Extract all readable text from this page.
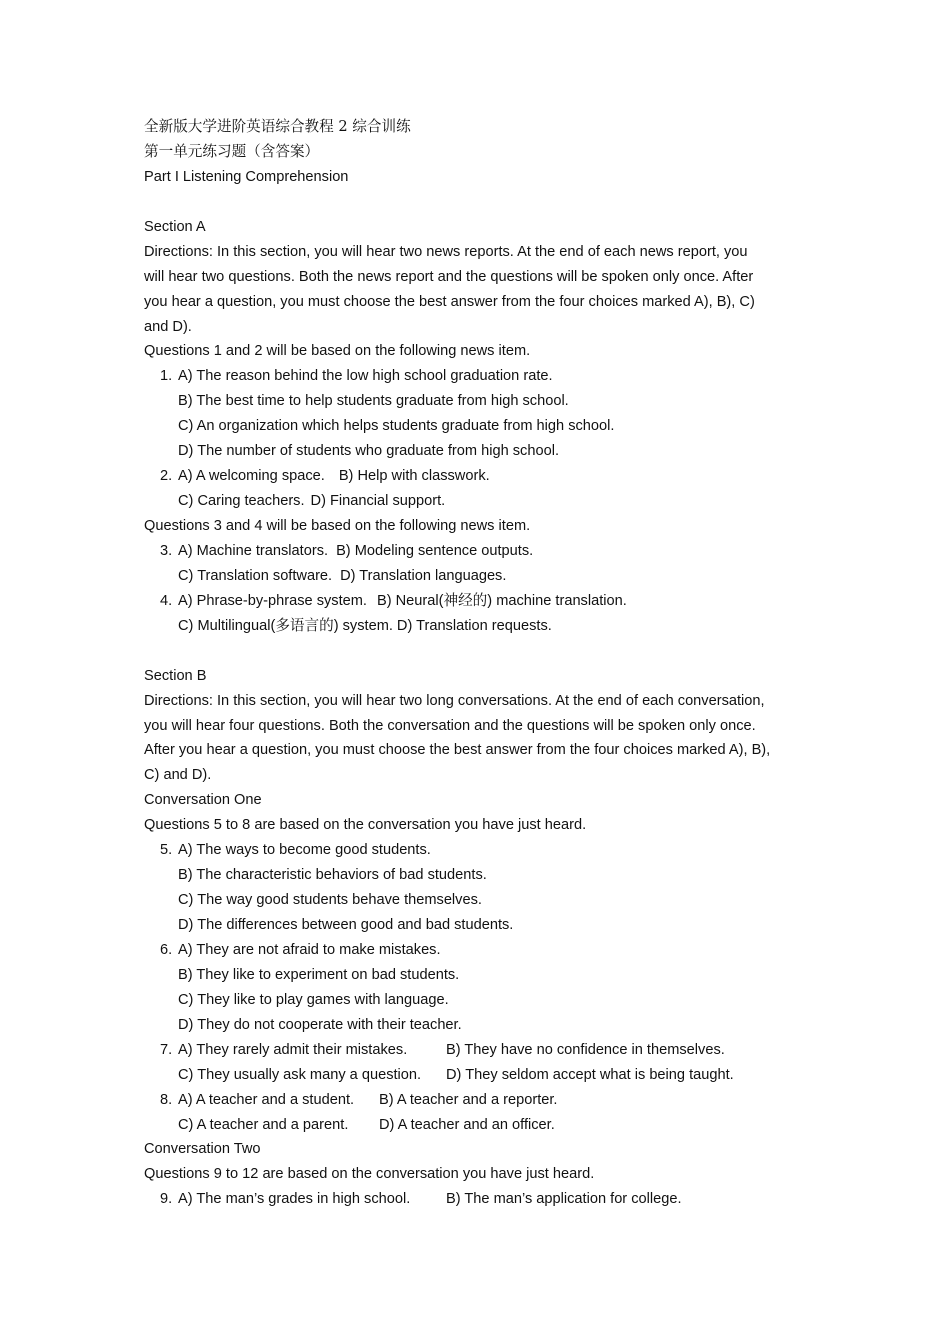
全新版大学进阶英语综合教程 2 综合训练
第一单元练习题（含答案）
Part I Listening Comprehension
Section A
Directions: In this section, you will hear two news reports. At the end of each news report, you
will hear two questions. Both the news report and the questions will be spoken only once. After
you hear a question, you must choose the best answer from the four choices marked A), B), C)
and D).
Questions 1 and 2 will be based on the following news item.
1. A) The reason behind the low high school graduation rate.
B) The best time to help students graduate from high school.
C) An organization which helps students graduate from high school.
D) The number of students who graduate from high school.
2. A) A welcoming space. B) Help with classwork.
C) Caring teachers. D) Financial support.
Questions 3 and 4 will be based on the following news item.
3. A) Machine translators. B) Modeling sentence outputs.
C) Translation software. D) Translation languages.
4. A) Phrase-by-phrase system. B) Neural(神经的) machine translation.
C) Multilingual(多语言的) system. D) Translation requests.
Section B
Directions: In this section, you will hear two long conversations. At the end of each conversation,
you will hear four questions. Both the conversation and the questions will be spoken only once.
After you hear a question, you must choose the best answer from the four choices marked A), B),
C) and D).
Conversation One
Questions 5 to 8 are based on the conversation you have just heard.
5. A) The ways to become good students.
B) The characteristic behaviors of bad students.
C) The way good students behave themselves.
D) The differences between good and bad students.
6. A) They are not afraid to make mistakes.
B) They like to experiment on bad students.
C) They like to play games with language.
D) They do not cooperate with their teacher.
7. A) They rarely admit their mistakes.	B) They have no confidence in themselves.
C) They usually ask many a question. D) They seldom accept what is being taught.
8. A) A teacher and a student. B) A teacher and a reporter.
C) A teacher and a parent. D) A teacher and an officer.
Conversation Two
Questions 9 to 12 are based on the conversation you have just heard.
9. A) The man’s grades in high school. B) The man’s application for college.
